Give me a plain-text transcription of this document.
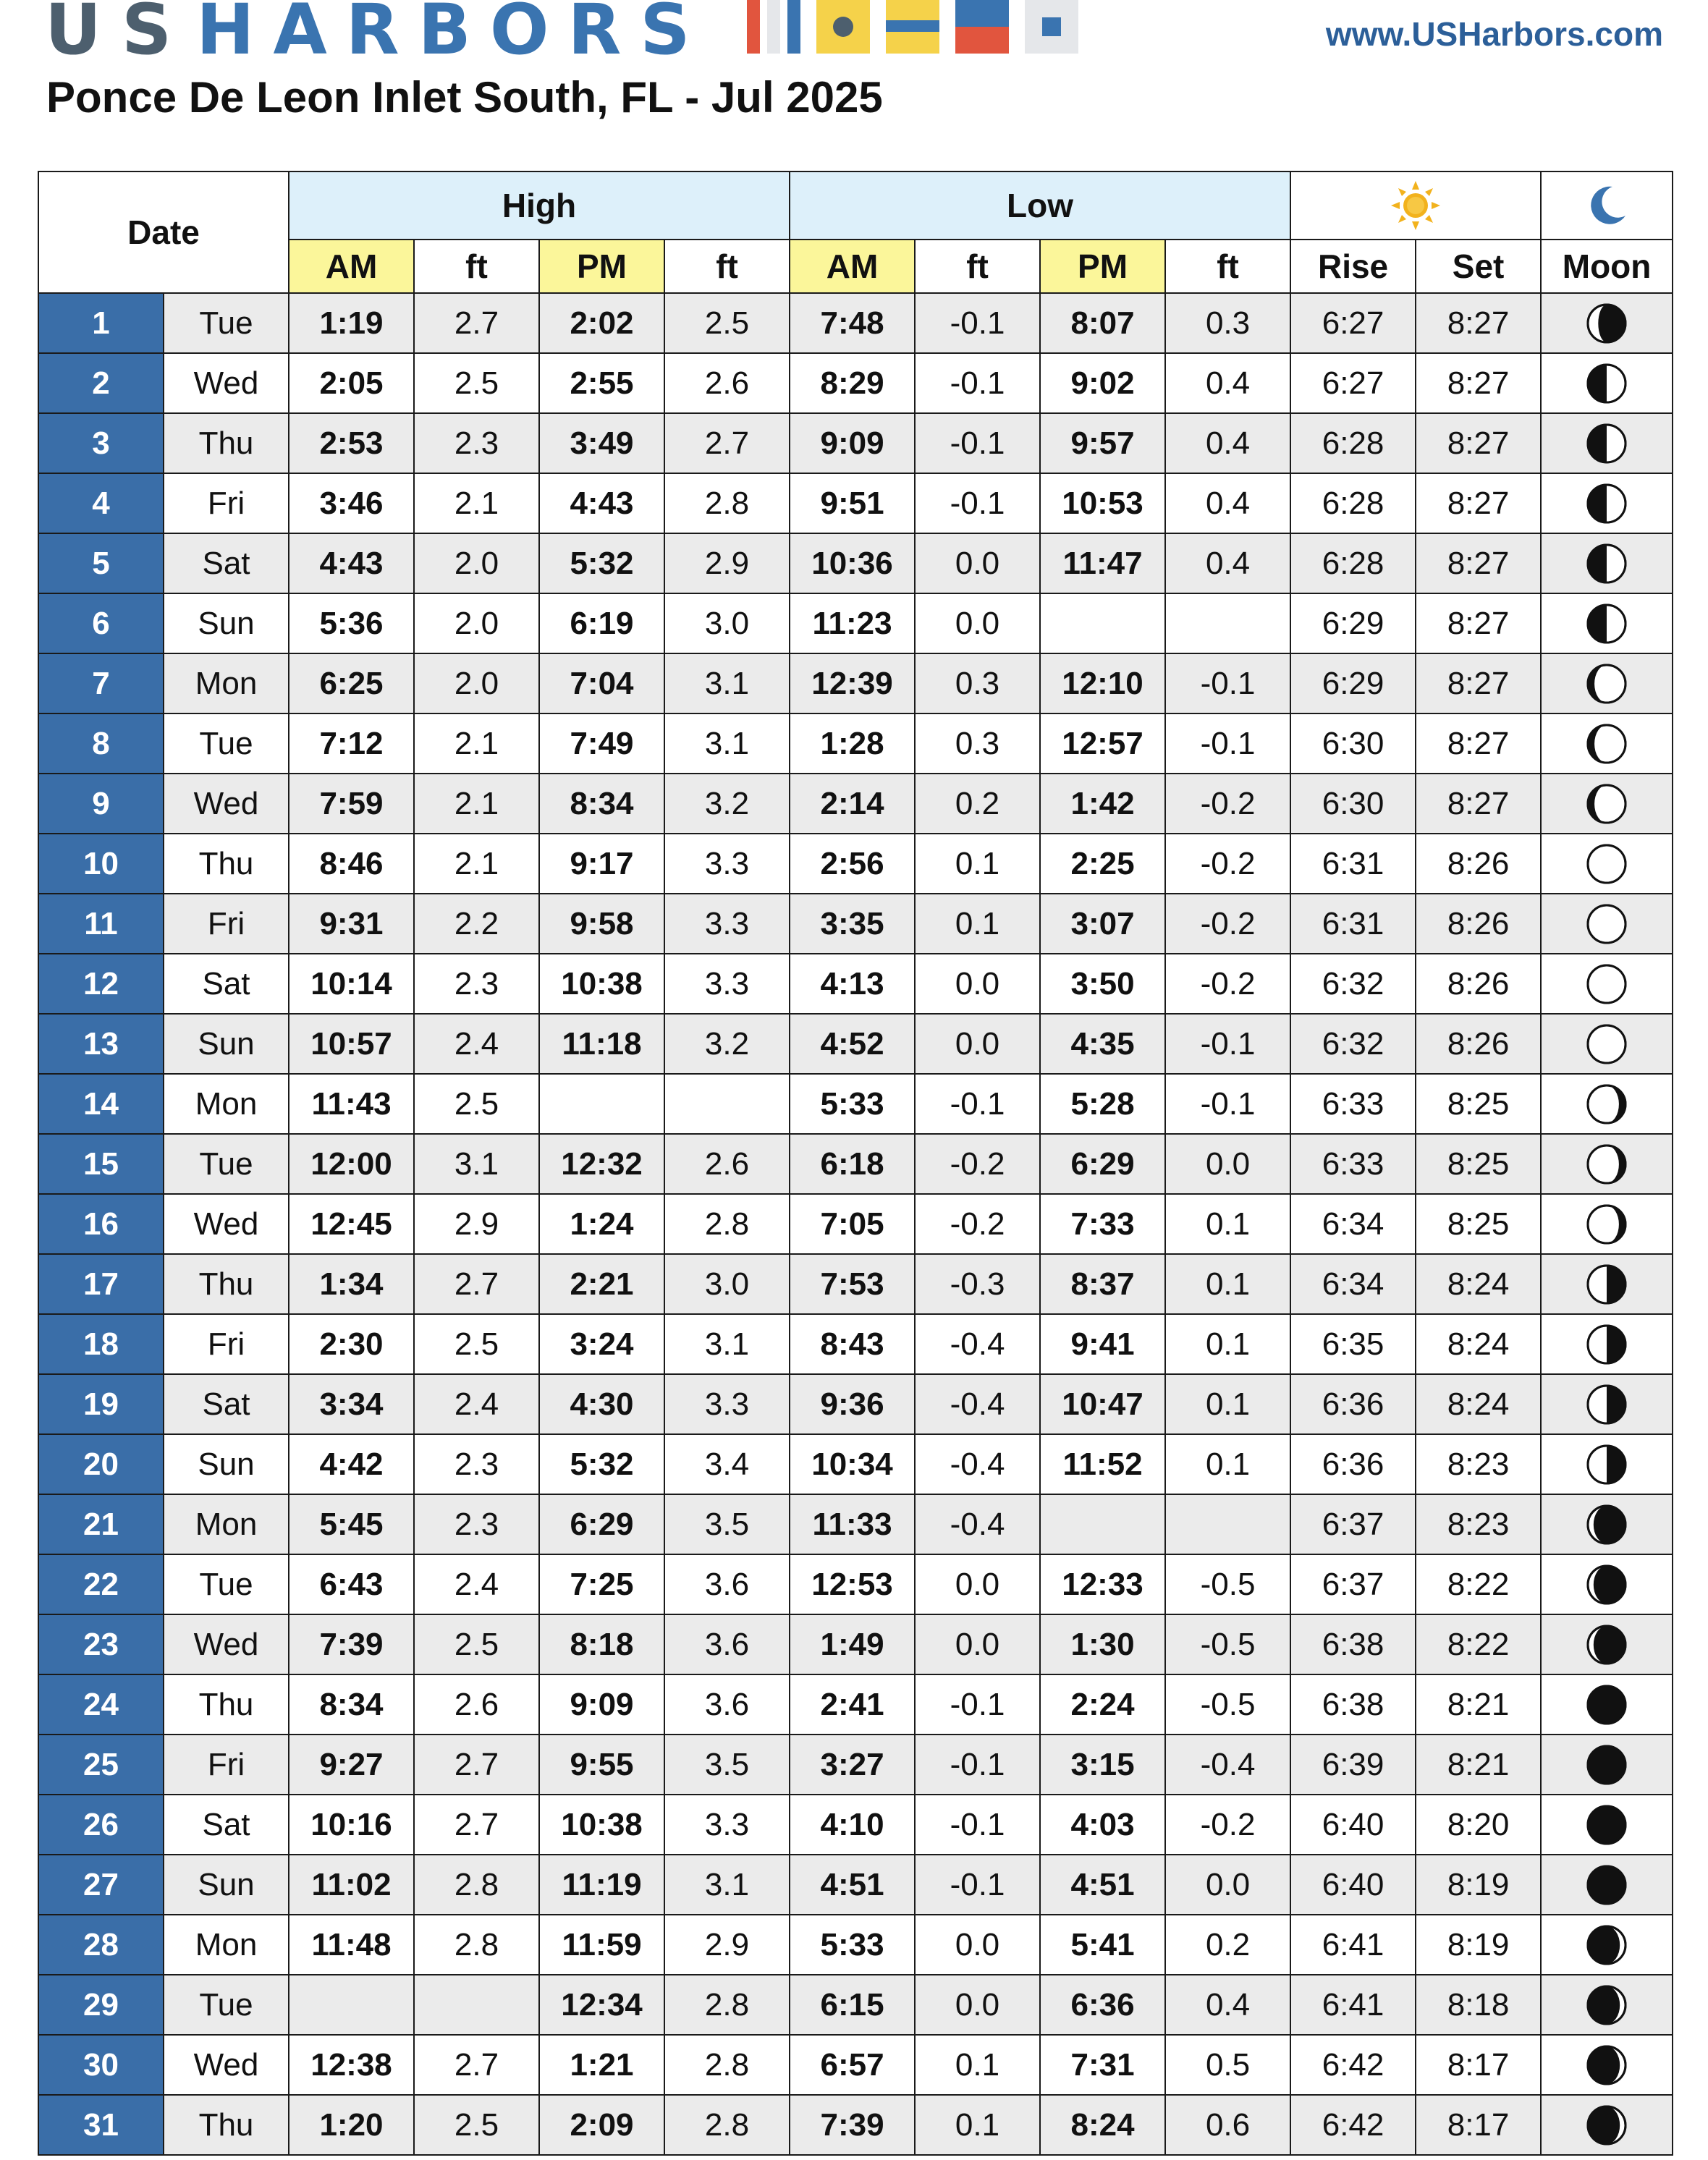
US HARBORS	www.USHarbors.com
Ponce De Leon Inlet South, FL - Jul 2025
Date		High				Low	

		AM	ft	PM	ft	AM	ft	PM	ft	Rise	Set	Moon
1	Tue	1:19	2.7	2:02	2.5	7:48	-0.1	8:07	0.3	6:27	8:27	

2	Wed	2:05	2.5	2:55	2.6	8:29	-0.1	9:02	0.4	6:27	8:27	

3	Thu	2:53	2.3	3:49	2.7	9:09	-0.1	9:57	0.4	6:28	8:27	

4	Fri	3:46	2.1	4:43	2.8	9:51	-0.1	10:53	0.4	6:28	8:27	

5	Sat	4:43	2.0	5:32	2.9	10:36	0.0	11:47	0.4	6:28	8:27	

6	Sun	5:36	2.0	6:19	3.0	11:23	0.0			6:29	8:27	

7	Mon	6:25	2.0	7:04	3.1	12:39	0.3	12:10	-0.1	6:29	8:27	

8	Tue	7:12	2.1	7:49	3.1	1:28	0.3	12:57	-0.1	6:30	8:27	

9	Wed	7:59	2.1	8:34	3.2	2:14	0.2	1:42	-0.2	6:30	8:27	

10	Thu	8:46	2.1	9:17	3.3	2:56	0.1	2:25	-0.2	6:31	8:26	

11	Fri	9:31	2.2	9:58	3.3	3:35	0.1	3:07	-0.2	6:31	8:26	

12	Sat	10:14	2.3	10:38	3.3	4:13	0.0	3:50	-0.2	6:32	8:26	

13	Sun	10:57	2.4	11:18	3.2	4:52	0.0	4:35	-0.1	6:32	8:26	

14	Mon	11:43	2.5			5:33	-0.1	5:28	-0.1	6:33	8:25	

15	Tue	12:00	3.1	12:32	2.6	6:18	-0.2	6:29	0.0	6:33	8:25	

16	Wed	12:45	2.9	1:24	2.8	7:05	-0.2	7:33	0.1	6:34	8:25	

17	Thu	1:34	2.7	2:21	3.0	7:53	-0.3	8:37	0.1	6:34	8:24	

18	Fri	2:30	2.5	3:24	3.1	8:43	-0.4	9:41	0.1	6:35	8:24	

19	Sat	3:34	2.4	4:30	3.3	9:36	-0.4	10:47	0.1	6:36	8:24	

20	Sun	4:42	2.3	5:32	3.4	10:34	-0.4	11:52	0.1	6:36	8:23	

21	Mon	5:45	2.3	6:29	3.5	11:33	-0.4			6:37	8:23	

22	Tue	6:43	2.4	7:25	3.6	12:53	0.0	12:33	-0.5	6:37	8:22	

23	Wed	7:39	2.5	8:18	3.6	1:49	0.0	1:30	-0.5	6:38	8:22	

24	Thu	8:34	2.6	9:09	3.6	2:41	-0.1	2:24	-0.5	6:38	8:21	

25	Fri	9:27	2.7	9:55	3.5	3:27	-0.1	3:15	-0.4	6:39	8:21	

26	Sat	10:16	2.7	10:38	3.3	4:10	-0.1	4:03	-0.2	6:40	8:20	

27	Sun	11:02	2.8	11:19	3.1	4:51	-0.1	4:51	0.0	6:40	8:19	

28	Mon	11:48	2.8	11:59	2.9	5:33	0.0	5:41	0.2	6:41	8:19	

29	Tue			12:34	2.8	6:15	0.0	6:36	0.4	6:41	8:18	

30	Wed	12:38	2.7	1:21	2.8	6:57	0.1	7:31	0.5	6:42	8:17	

31	Thu	1:20	2.5	2:09	2.8	7:39	0.1	8:24	0.6	6:42	8:17	
